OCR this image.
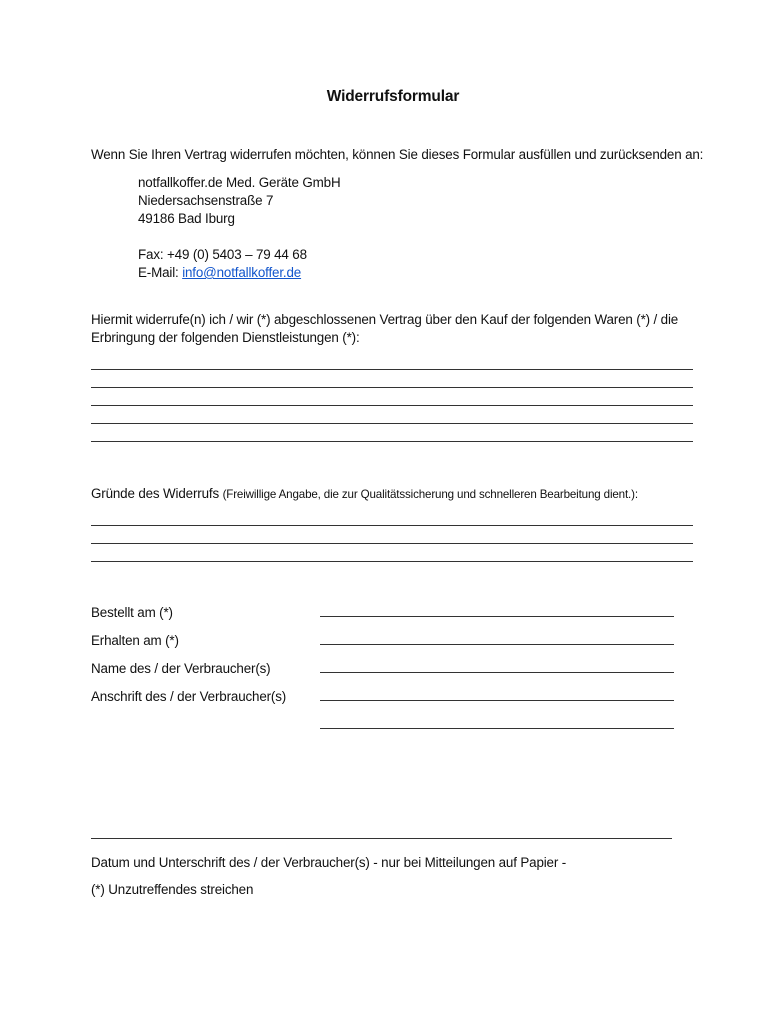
Widerrufsformular
Wenn Sie Ihren Vertrag widerrufen möchten, können Sie dieses Formular ausfüllen und zurücksenden an:
notfallkoffer.de Med. Geräte GmbH
Niedersachsenstraße 7
49186 Bad Iburg
Fax: +49 (0) 5403 – 79 44 68
E-Mail: info@notfallkoffer.de
Hiermit widerrufe(n) ich / wir (*) abgeschlossenen Vertrag über den Kauf der folgenden Waren (*) / die
Erbringung der folgenden Dienstleistungen (*):
Gründe des Widerrufs (Freiwillige Angabe, die zur Qualitätssicherung und schnelleren Bearbeitung dient.):
Bestellt am (*)
Erhalten am (*)
Name des / der Verbraucher(s)
Anschrift des / der Verbraucher(s)
Datum und Unterschrift des / der Verbraucher(s) - nur bei Mitteilungen auf Papier -
(*) Unzutreffendes streichen
